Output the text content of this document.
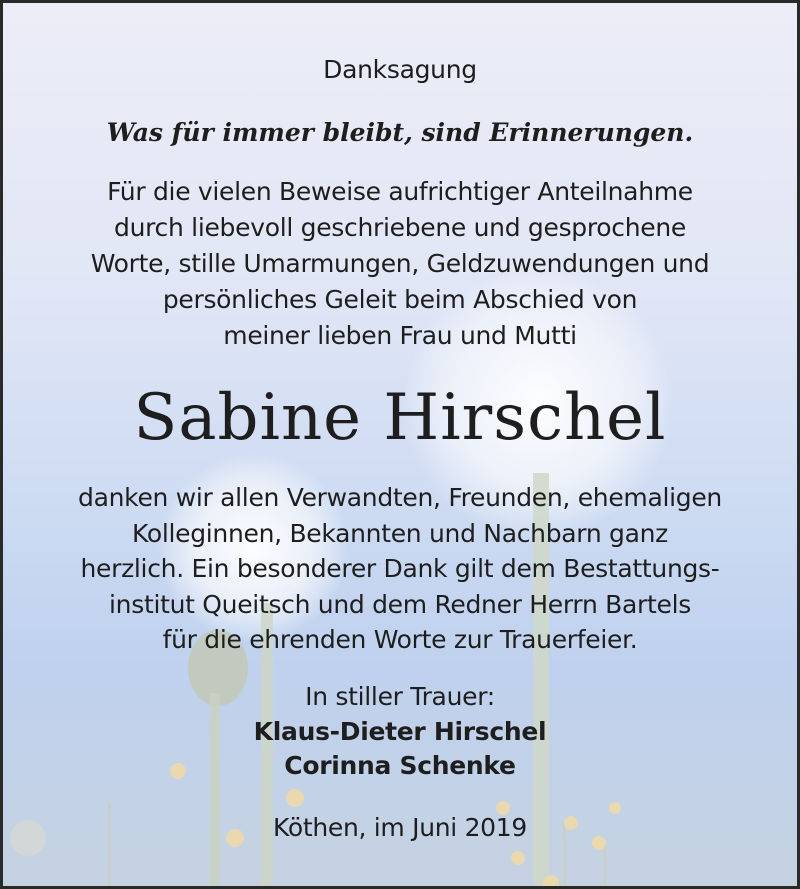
Danksagung
Was für immer bleibt, sind Erinnerungen.
Für die vielen Beweise aufrichtiger Anteilnahme
durch liebevoll geschriebene und gesprochene
Worte, stille Umarmungen, Geldzuwendungen und
persönliches Geleit beim Abschied von
meiner lieben Frau und Mutti
Sabine Hirschel
danken wir allen Verwandten, Freunden, ehemaligen
Kolleginnen, Bekannten und Nachbarn ganz
herzlich. Ein besonderer Dank gilt dem Bestattungs-
institut Queitsch und dem Redner Herrn Bartels
für die ehrenden Worte zur Trauerfeier.
In stiller Trauer:
Klaus-Dieter Hirschel
Corinna Schenke
Köthen, im Juni 2019
